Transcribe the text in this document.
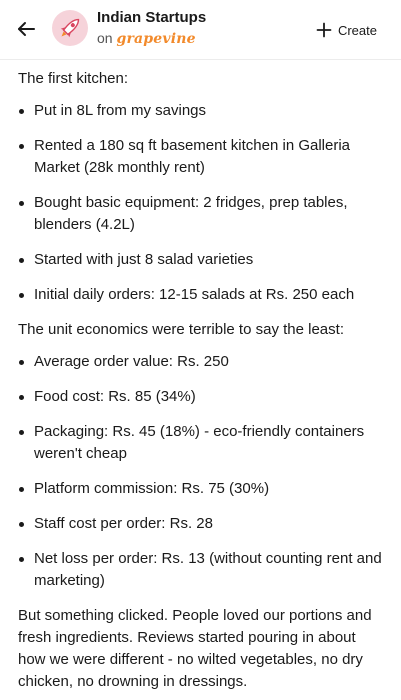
Indian Startups
on grapevine
Create

The first kitchen:

Put in 8L from my savings
Rented a 180 sq ft basement kitchen in Galleria Market (28k monthly rent)
Bought basic equipment: 2 fridges, prep tables, blenders (4.2L)
Started with just 8 salad varieties
Initial daily orders: 12-15 salads at Rs. 250 each

The unit economics were terrible to say the least:

Average order value: Rs. 250
Food cost: Rs. 85 (34%)
Packaging: Rs. 45 (18%) - eco-friendly containers weren't cheap
Platform commission: Rs. 75 (30%)
Staff cost per order: Rs. 28
Net loss per order: Rs. 13 (without counting rent and marketing)

But something clicked. People loved our portions and fresh ingredients. Reviews started pouring in about how we were different - no wilted vegetables, no dry chicken, no drowning in dressings.
